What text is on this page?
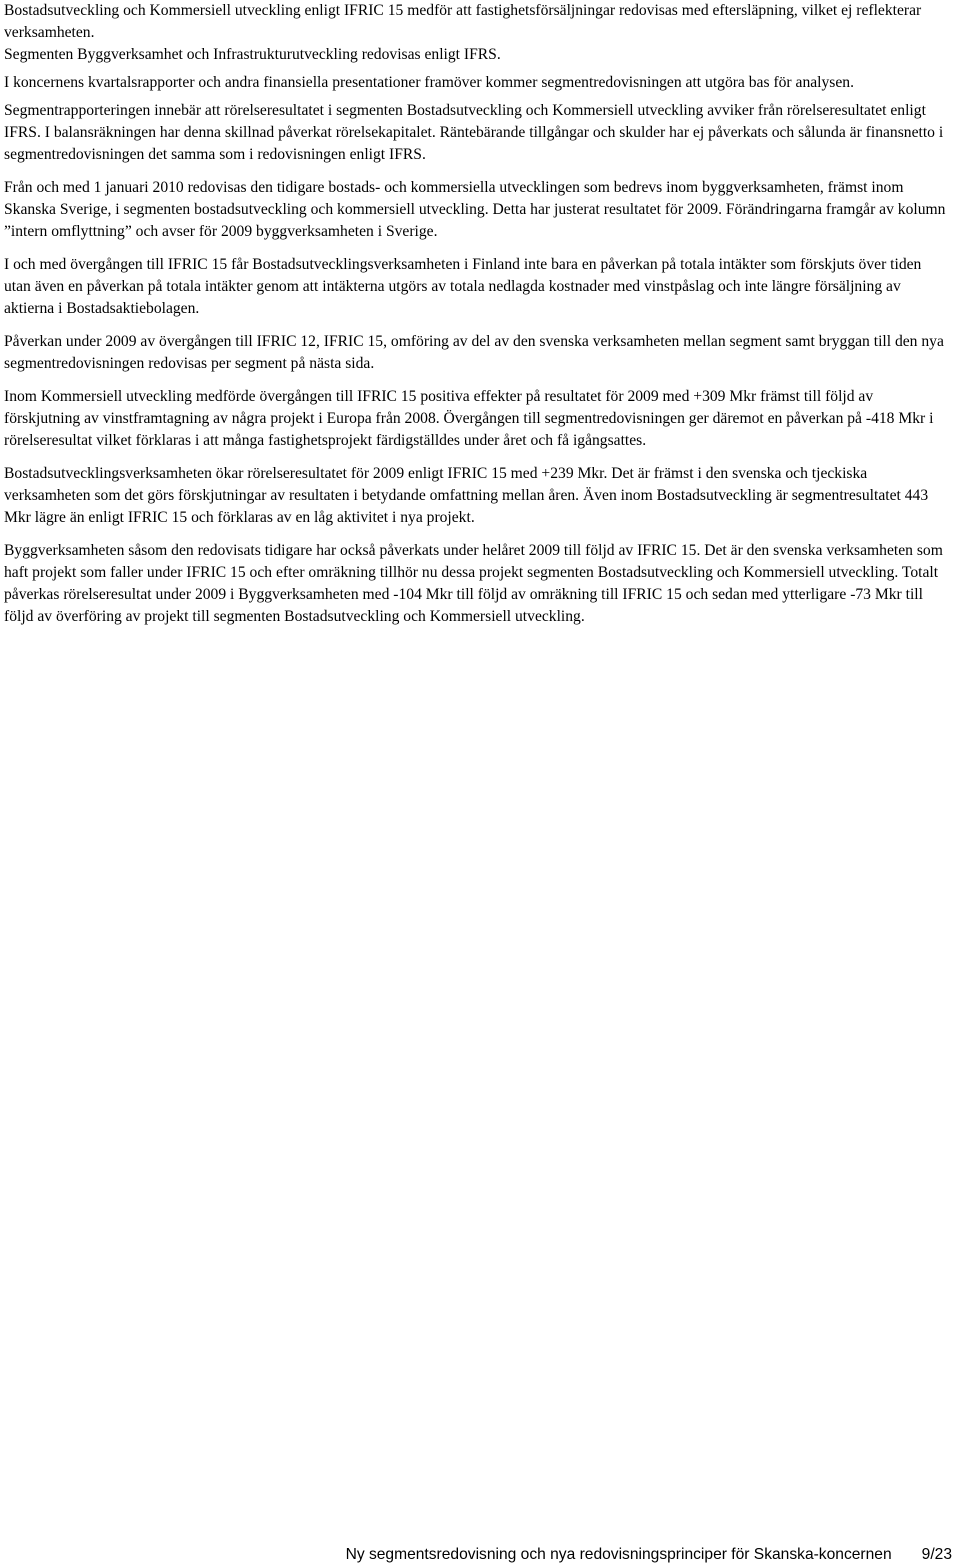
Bostadsutveckling och Kommersiell utveckling enligt IFRIC 15 medför att fastighetsförsäljningar redovisas med eftersläpning, vilket ej reflekterar verksamheten.

Segmenten Byggverksamhet och Infrastrukturutveckling redovisas enligt IFRS.

I koncernens kvartalsrapporter och andra finansiella presentationer framöver kommer segmentredovisningen att utgöra bas för analysen.

Segmentrapporteringen innebär att rörelseresultatet i segmenten Bostadsutveckling och Kommersiell utveckling avviker från rörelseresultatet enligt IFRS. I balansräkningen har denna skillnad påverkat rörelsekapitalet. Räntebärande tillgångar och skulder har ej påverkats och sålunda är finansnetto i segmentredovisningen det samma som i redovisningen enligt IFRS.

Från och med 1 januari 2010 redovisas den tidigare bostads- och kommersiella utvecklingen som bedrevs inom byggverksamheten, främst inom Skanska Sverige, i segmenten bostadsutveckling och kommersiell utveckling. Detta har justerat resultatet för 2009. Förändringarna framgår av kolumn ”intern omflyttning” och avser för 2009 byggverksamheten i Sverige.

I och med övergången till IFRIC 15 får Bostadsutvecklingsverksamheten i Finland inte bara en påverkan på totala intäkter som förskjuts över tiden utan även en påverkan på totala intäkter genom att intäkterna utgörs av totala nedlagda kostnader med vinstpåslag och inte längre försäljning av aktierna i Bostadsaktiebolagen.

Påverkan under 2009 av övergången till IFRIC 12, IFRIC 15, omföring av del av den svenska verksamheten mellan segment samt bryggan till den nya segmentredovisningen redovisas per segment på nästa sida.

Inom Kommersiell utveckling medförde övergången till IFRIC 15 positiva effekter på resultatet för 2009 med +309 Mkr främst till följd av förskjutning av vinstframtagning av några projekt i Europa från 2008. Övergången till segmentredovisningen ger däremot en påverkan på -418 Mkr i rörelseresultat vilket förklaras i att många fastighetsprojekt färdigställdes under året och få igångsattes.

Bostadsutvecklingsverksamheten ökar rörelseresultatet för 2009 enligt IFRIC 15 med +239 Mkr. Det är främst i den svenska och tjeckiska verksamheten som det görs förskjutningar av resultaten i betydande omfattning mellan åren. Även inom Bostadsutveckling är segmentresultatet 443 Mkr lägre än enligt IFRIC 15 och förklaras av en låg aktivitet i nya projekt.

Byggverksamheten såsom den redovisats tidigare har också påverkats under helåret 2009 till följd av IFRIC 15. Det är den svenska verksamheten som haft projekt som faller under IFRIC 15 och efter omräkning tillhör nu dessa projekt segmenten Bostadsutveckling och Kommersiell utveckling. Totalt påverkas rörelseresultat under 2009 i Byggverksamheten med -104 Mkr till följd av omräkning till IFRIC 15 och sedan med ytterligare -73 Mkr till följd av överföring av projekt till segmenten Bostadsutveckling och Kommersiell utveckling.

Ny segmentsredovisning och nya redovisningsprinciper för Skanska-koncernen 9/23
